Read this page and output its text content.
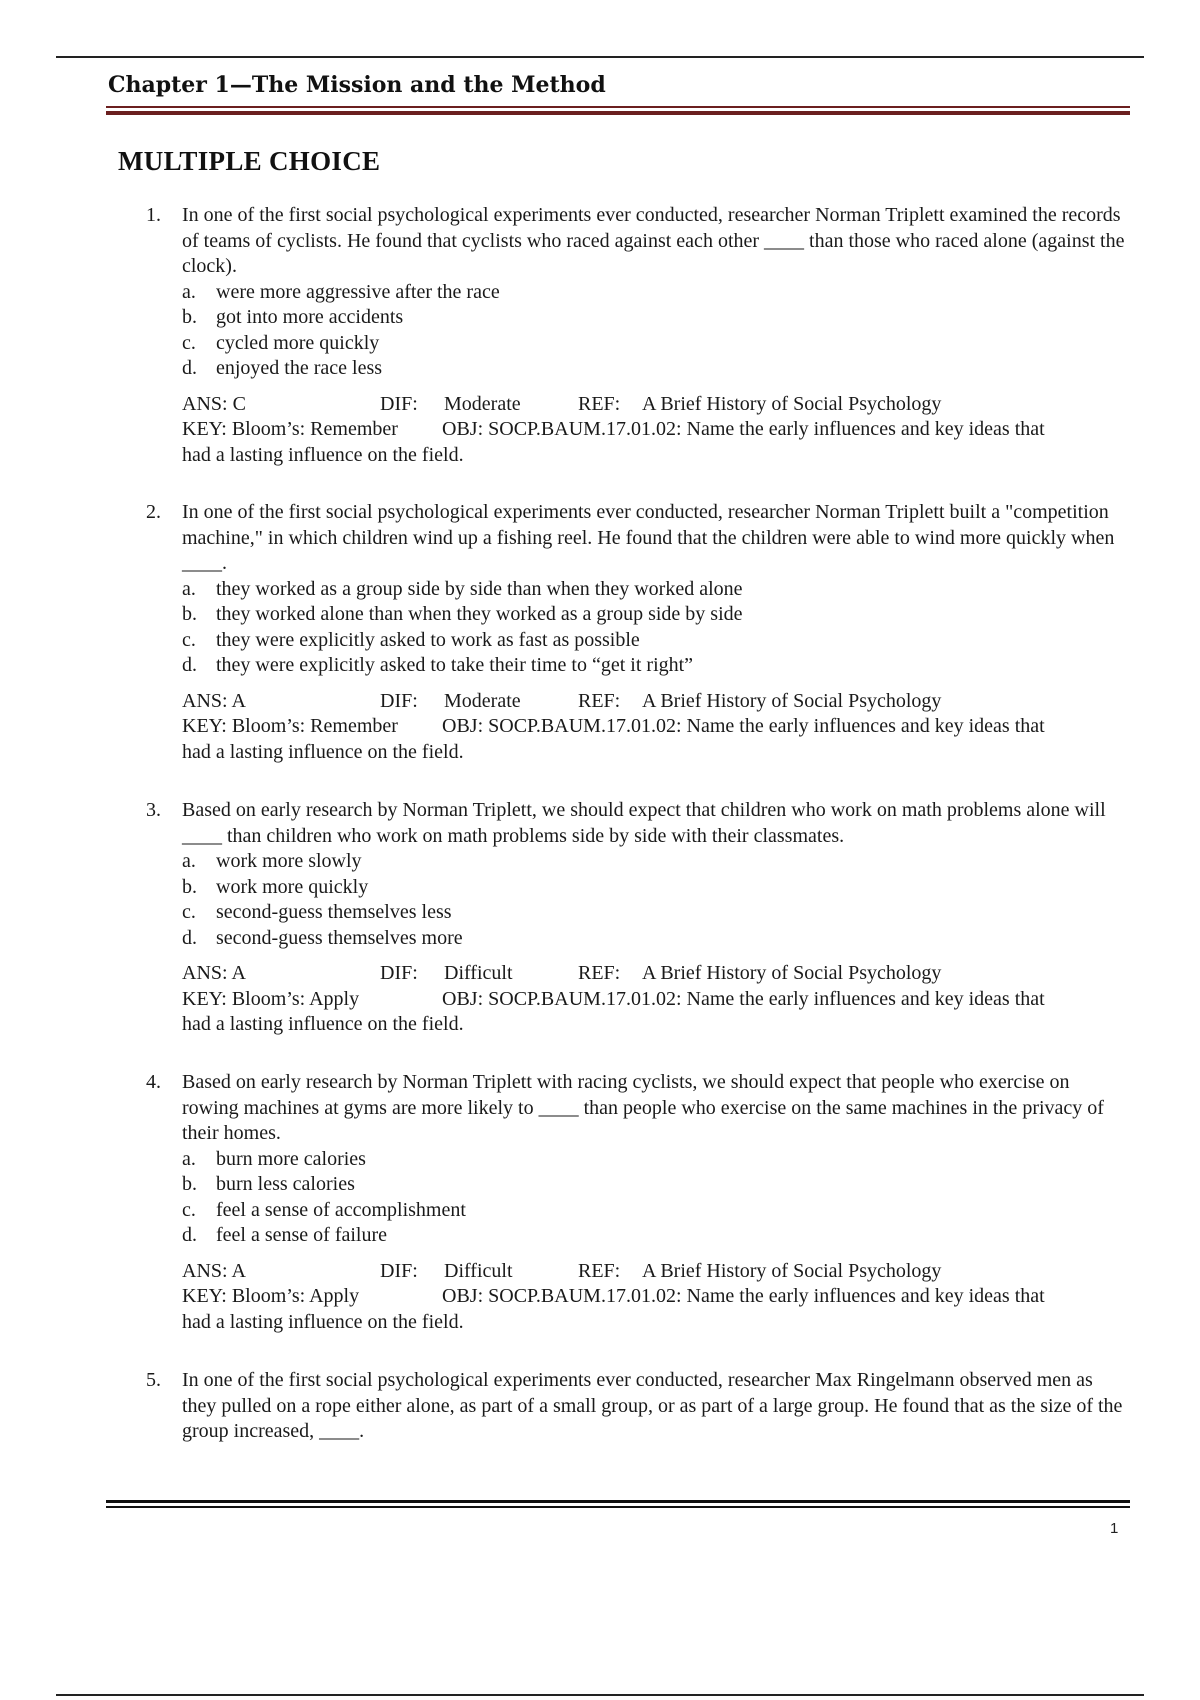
Chapter 1—The Mission and the Method
MULTIPLE CHOICE
1.	In one of the first social psychological experiments ever conducted, researcher Norman Triplett examined the records of teams of cyclists. He found that cyclists who raced against each other ____ than those who raced alone (against the clock).
a.	were more aggressive after the race
b. got into more accidents
c.	cycled more quickly
d. enjoyed the race less
ANS: C	DIF:	Moderate	REF:	A Brief History of Social Psychology
KEY: Bloom’s: Remember	OBJ: SOCP.BAUM.17.01.02: Name the early influences and key ideas that
had a lasting influence on the field.
2.	In one of the first social psychological experiments ever conducted, researcher Norman Triplett built a "competition machine," in which children wind up a fishing reel. He found that the children were able to wind more quickly when ____.
a.	they worked as a group side by side than when they worked alone
b. they worked alone than when they worked as a group side by side
c.	they were explicitly asked to work as fast as possible
d. they were explicitly asked to take their time to “get it right”
ANS: A	DIF:	Moderate	REF:	A Brief History of Social Psychology
KEY: Bloom’s: Remember	OBJ: SOCP.BAUM.17.01.02: Name the early influences and key ideas that
had a lasting influence on the field.
3.	Based on early research by Norman Triplett, we should expect that children who work on math problems alone will ____ than children who work on math problems side by side with their classmates.
a.	work more slowly
b. work more quickly
c.	second-guess themselves less
d. second-guess themselves more
ANS: A	DIF:	Difficult	REF:	A Brief History of Social Psychology
KEY: Bloom’s: Apply	OBJ: SOCP.BAUM.17.01.02: Name the early influences and key ideas that
had a lasting influence on the field.
4.	Based on early research by Norman Triplett with racing cyclists, we should expect that people who exercise on rowing machines at gyms are more likely to ____ than people who exercise on the same machines in the privacy of their homes.
a.	burn more calories
b. burn less calories
c.	feel a sense of accomplishment
d. feel a sense of failure
ANS: A	DIF:	Difficult	REF:	A Brief History of Social Psychology
KEY: Bloom’s: Apply	OBJ: SOCP.BAUM.17.01.02: Name the early influences and key ideas that
had a lasting influence on the field.
5.	In one of the first social psychological experiments ever conducted, researcher Max Ringelmann observed men as they pulled on a rope either alone, as part of a small group, or as part of a large group. He found that as the size of the group increased, ____.
1
